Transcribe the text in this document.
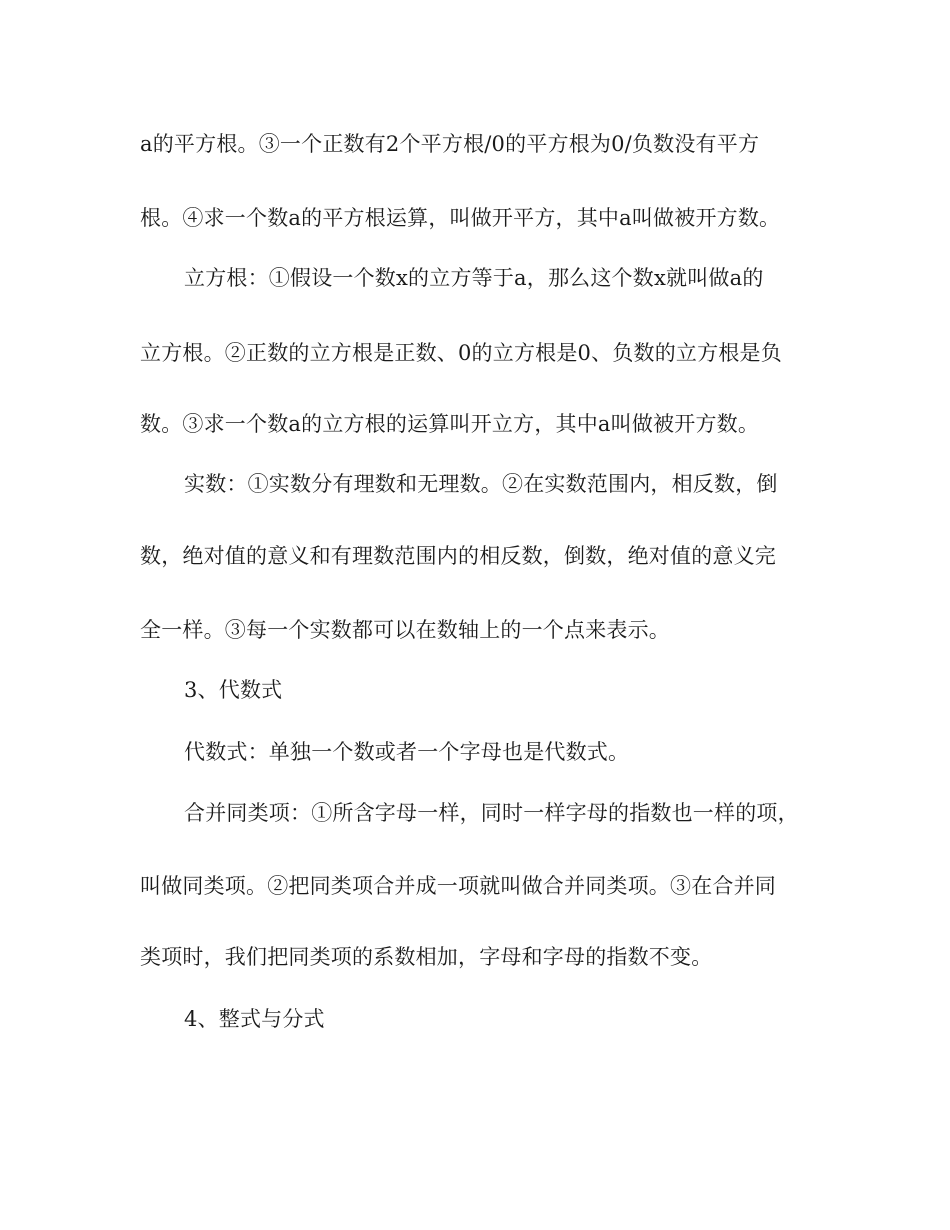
a的平方根。③一个正数有2个平方根/0的平方根为0/负数没有平方
根。④求一个数a的平方根运算，叫做开平方，其中a叫做被开方数。
立方根：①假设一个数x的立方等于a，那么这个数x就叫做a的
立方根。②正数的立方根是正数、0的立方根是0、负数的立方根是负
数。③求一个数a的立方根的运算叫开立方，其中a叫做被开方数。
实数：①实数分有理数和无理数。②在实数范围内，相反数，倒
数，绝对值的意义和有理数范围内的相反数，倒数，绝对值的意义完
全一样。③每一个实数都可以在数轴上的一个点来表示。
3、代数式
代数式：单独一个数或者一个字母也是代数式。
合并同类项：①所含字母一样，同时一样字母的指数也一样的项，
叫做同类项。②把同类项合并成一项就叫做合并同类项。③在合并同
类项时，我们把同类项的系数相加，字母和字母的指数不变。
4、整式与分式
